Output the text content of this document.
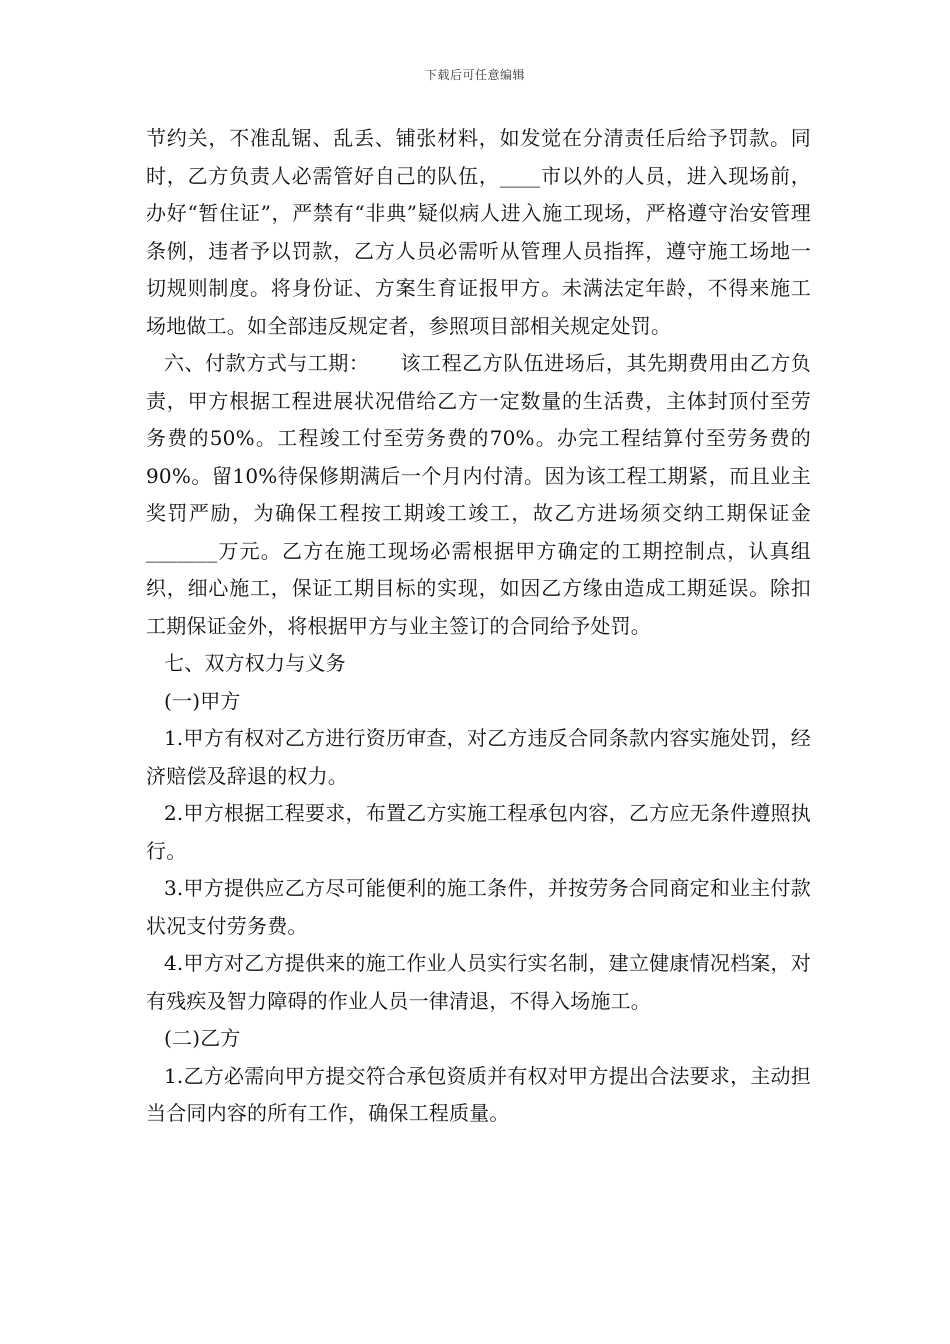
下载后可任意编辑

节约关，不准乱锯、乱丢、铺张材料，如发觉在分清责任后给予罚款。同时，乙方负责人必需管好自己的队伍，____市以外的人员，进入现场前，办好“暂住证”，严禁有“非典”疑似病人进入施工现场，严格遵守治安管理条例，违者予以罚款，乙方人员必需听从管理人员指挥，遵守施工场地一切规则制度。将身份证、方案生育证报甲方。未满法定年龄，不得来施工场地做工。如全部违反规定者，参照项目部相关规定处罚。

六、付款方式与工期：　　该工程乙方队伍进场后，其先期费用由乙方负责，甲方根据工程进展状况借给乙方一定数量的生活费，主体封顶付至劳务费的50%。工程竣工付至劳务费的70%。办完工程结算付至劳务费的90%。留10%待保修期满后一个月内付清。因为该工程工期紧，而且业主奖罚严励，为确保工程按工期竣工竣工，故乙方进场须交纳工期保证金_______万元。乙方在施工现场必需根据甲方确定的工期控制点，认真组织，细心施工，保证工期目标的实现，如因乙方缘由造成工期延误。除扣工期保证金外，将根据甲方与业主签订的合同给予处罚。

七、双方权力与义务

(一)甲方

1.甲方有权对乙方进行资历审查，对乙方违反合同条款内容实施处罚，经济赔偿及辞退的权力。

2.甲方根据工程要求，布置乙方实施工程承包内容，乙方应无条件遵照执行。

3.甲方提供应乙方尽可能便利的施工条件，并按劳务合同商定和业主付款状况支付劳务费。

4.甲方对乙方提供来的施工作业人员实行实名制，建立健康情况档案，对有残疾及智力障碍的作业人员一律清退，不得入场施工。

(二)乙方

1.乙方必需向甲方提交符合承包资质并有权对甲方提出合法要求，主动担当合同内容的所有工作，确保工程质量。
